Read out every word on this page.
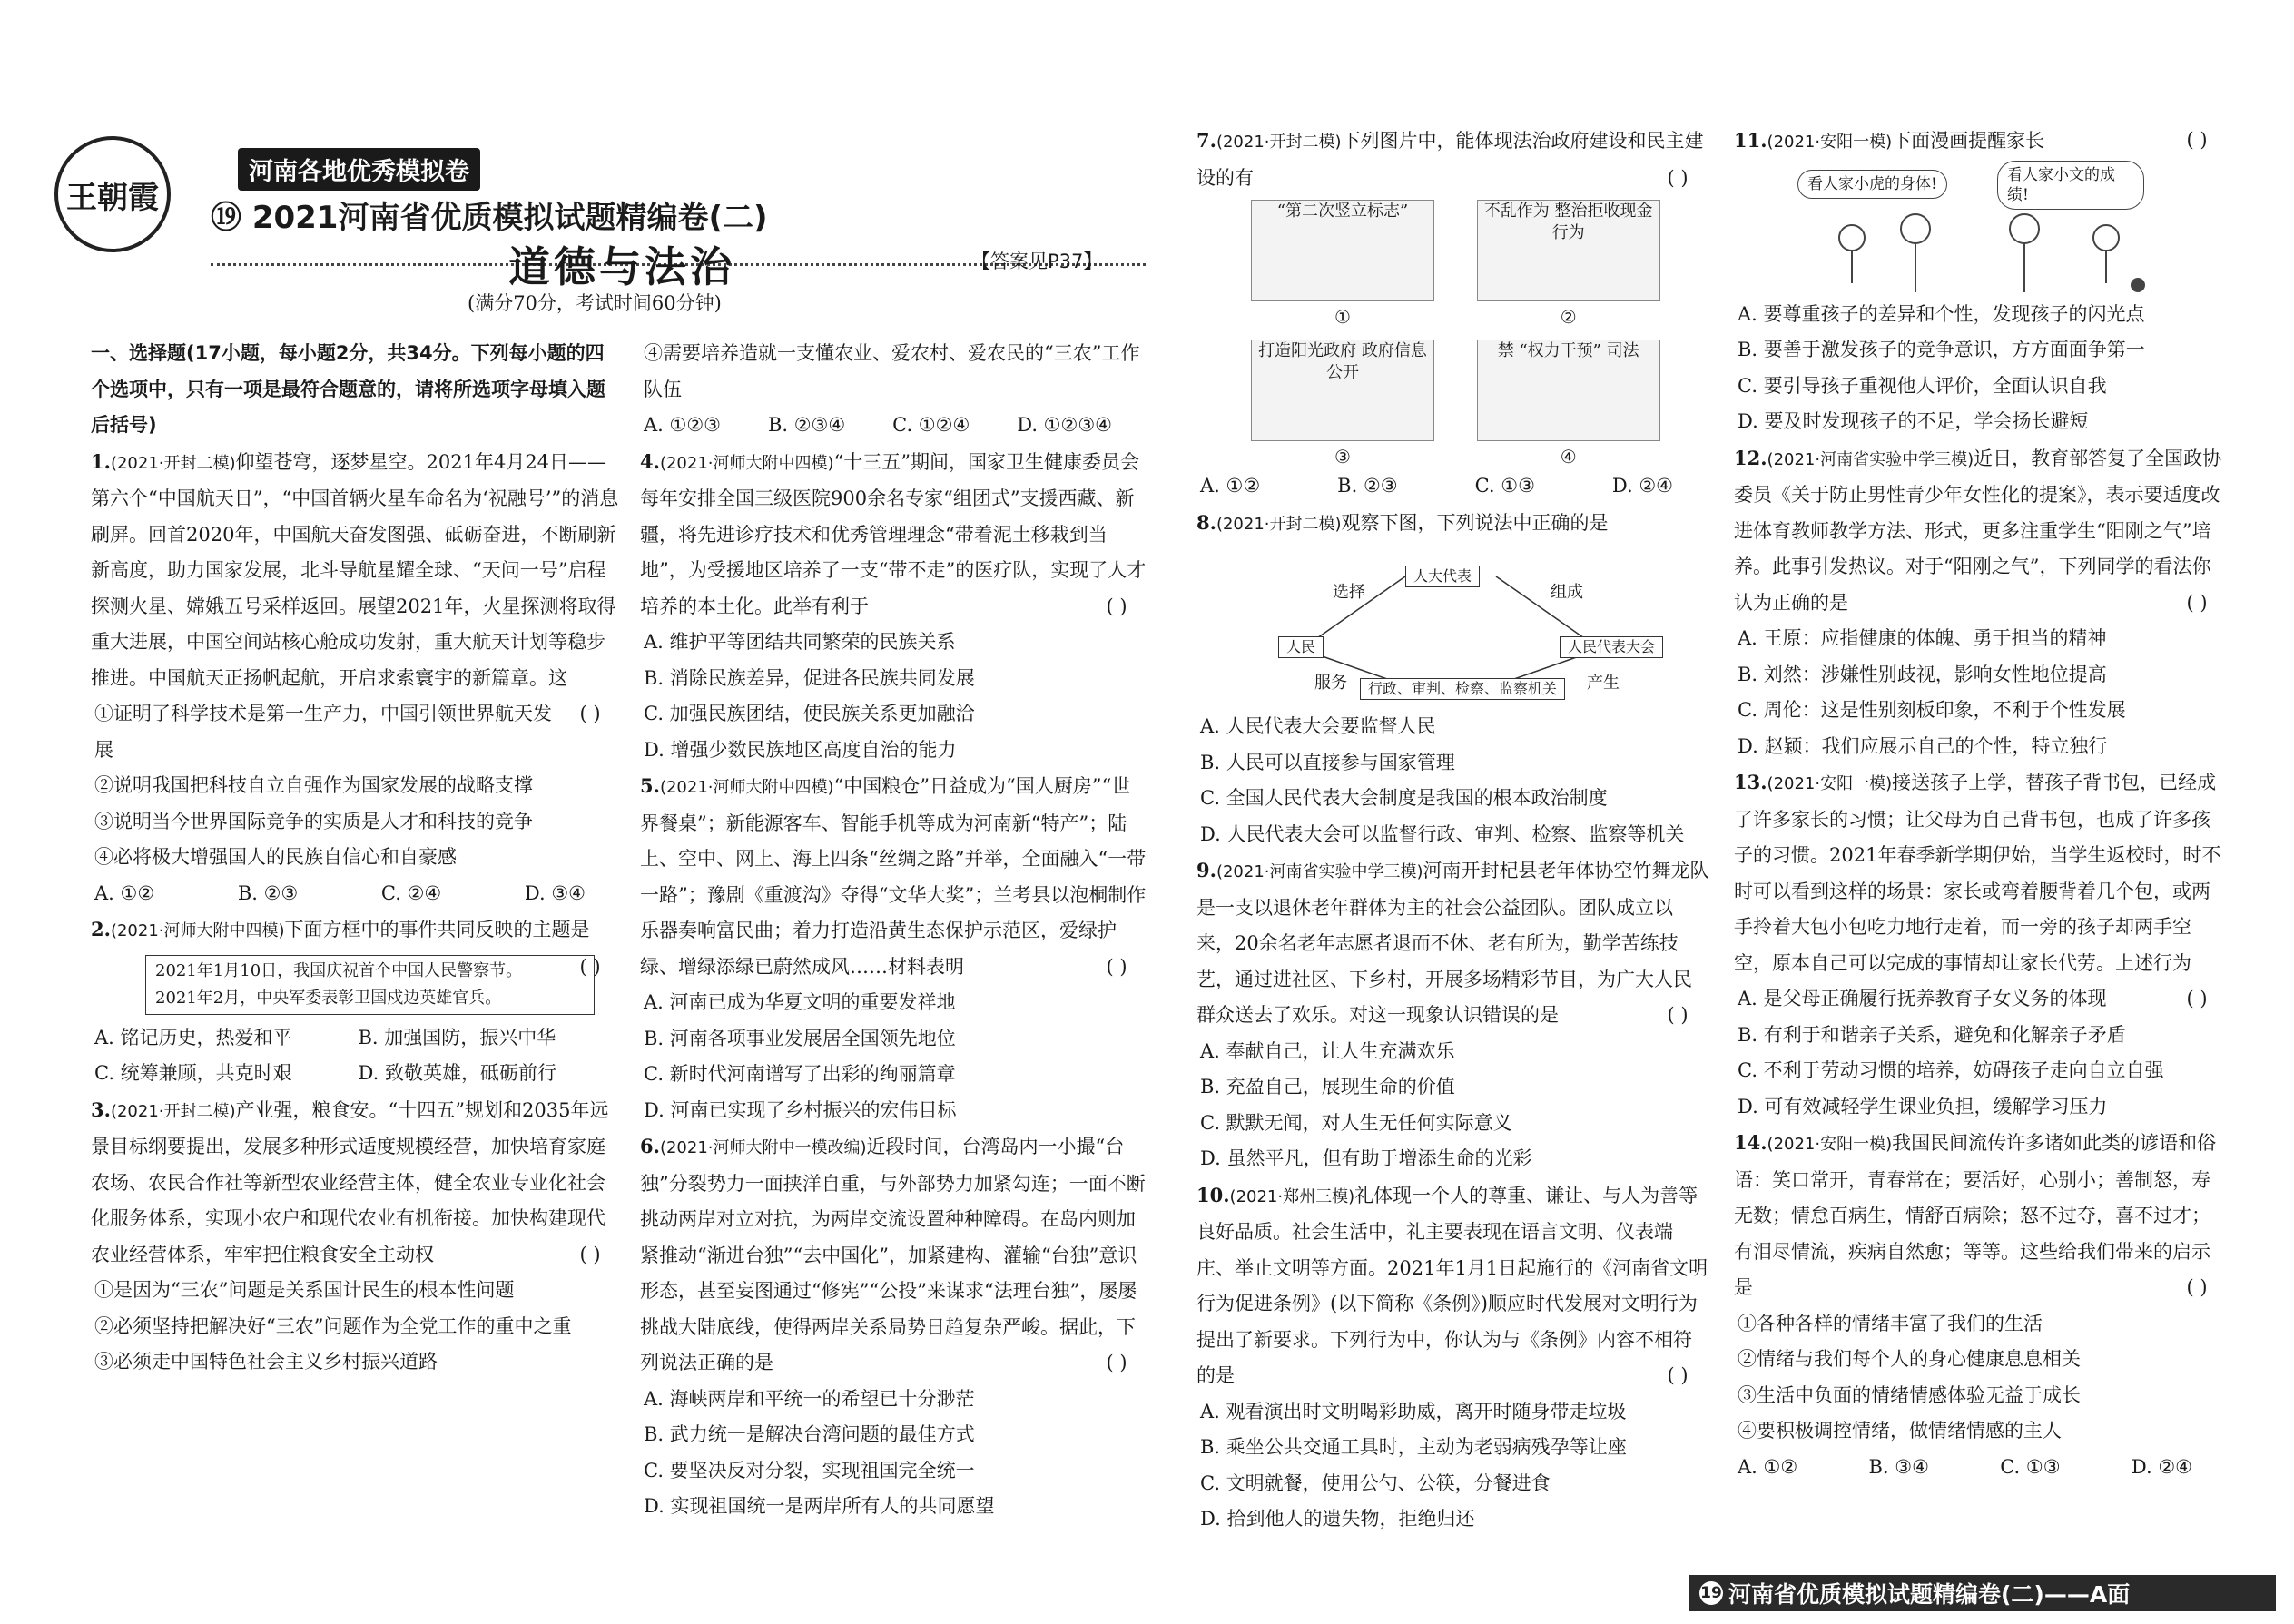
王朝霞
河南各地优秀模拟卷
⑲ 2021河南省优质模拟试题精编卷(二)
道德与法治	【答案见P37】
(满分70分，考试时间60分钟)

一、选择题(17小题，每小题2分，共34分。下列每小题的四个选项中，只有一项是最符合题意的，请将所选项字母填入题后括号)

1.(2021·开封二模)仰望苍穹，逐梦星空。2021年4月24日——第六个“中国航天日”，“中国首辆火星车命名为‘祝融号’”的消息刷屏。回首2020年，中国航天奋发图强、砥砺奋进，不断刷新新高度，助力国家发展，北斗导航星耀全球、“天问一号”启程探测火星、嫦娥五号采样返回。展望2021年，火星探测将取得重大进展，中国空间站核心舱成功发射，重大航天计划等稳步推进。中国航天正扬帆起航，开启求索寰宇的新篇章。这
( )

①证明了科学技术是第一生产力，中国引领世界航天发展

②说明我国把科技自立自强作为国家发展的战略支撑

③说明当今世界国际竞争的实质是人才和科技的竞争

④必将极大增强国人的民族自信心和自豪感

A. ①②	B. ②③	C. ②④	D. ③④

2.(2021·河师大附中四模)下面方框中的事件共同反映的主题是
( )

2021年1月10日，我国庆祝首个中国人民警察节。
2021年2月，中央军委表彰卫国戍边英雄官兵。
A. 铭记历史，热爱和平	B. 加强国防，振兴中华
C. 统筹兼顾，共克时艰	D. 致敬英雄，砥砺前行

3.(2021·开封二模)产业强，粮食安。“十四五”规划和2035年远景目标纲要提出，发展多种形式适度规模经营，加快培育家庭农场、农民合作社等新型农业经营主体，健全农业专业化社会化服务体系，实现小农户和现代农业有机衔接。加快构建现代农业经营体系，牢牢把住粮食安全主动权	( )

①是因为“三农”问题是关系国计民生的根本性问题

②必须坚持把解决好“三农”问题作为全党工作的重中之重

③必须走中国特色社会主义乡村振兴道路

④需要培养造就一支懂农业、爱农村、爱农民的“三农”工作队伍

A. ①②③ B. ②③④ C. ①②④ D. ①②③④

4.(2021·河师大附中四模)“十三五”期间，国家卫生健康委员会每年安排全国三级医院900余名专家“组团式”支援西藏、新疆，将先进诊疗技术和优秀管理理念“带着泥土移栽到当地”，为受援地区培养了一支“带不走”的医疗队，实现了人才培养的本土化。此举有利于	( )

A. 维护平等团结共同繁荣的民族关系

B. 消除民族差异，促进各民族共同发展

C. 加强民族团结，使民族关系更加融洽

D. 增强少数民族地区高度自治的能力

5.(2021·河师大附中四模)“中国粮仓”日益成为“国人厨房”“世界餐桌”；新能源客车、智能手机等成为河南新“特产”；陆上、空中、网上、海上四条“丝绸之路”并举，全面融入“一带一路”；豫剧《重渡沟》夺得“文华大奖”；兰考县以泡桐制作乐器奏响富民曲；着力打造沿黄生态保护示范区，爱绿护绿、增绿添绿已蔚然成风……材料表明	( )

A. 河南已成为华夏文明的重要发祥地

B. 河南各项事业发展居全国领先地位

C. 新时代河南谱写了出彩的绚丽篇章

D. 河南已实现了乡村振兴的宏伟目标

6.(2021·河师大附中一模改编)近段时间，台湾岛内一小撮“台独”分裂势力一面挟洋自重，与外部势力加紧勾连；一面不断挑动两岸对立对抗，为两岸交流设置种种障碍。在岛内则加紧推动“渐进台独”“去中国化”，加紧建构、灌输“台独”意识形态，甚至妄图通过“修宪”“公投”来谋求“法理台独”，屡屡挑战大陆底线，使得两岸关系局势日趋复杂严峻。据此，下列说法正确的是	( )

A. 海峡两岸和平统一的希望已十分渺茫

B. 武力统一是解决台湾问题的最佳方式

C. 要坚决反对分裂，实现祖国完全统一

D. 实现祖国统一是两岸所有人的共同愿望

7.(2021·开封二模)下列图片中，能体现法治政府建设和民主建设的有	( )

“第二次竖立标志”
①
不乱作为 整治拒收现金行为
②
打造阳光政府 政府信息公开
③
禁 “权力干预” 司法
④
A. ①②	B. ②③	C. ①③	D. ②④

8.(2021·开封二模)观察下图，下列说法中正确的是

人大代表
人民	人民代表大会
行政、审判、检察、监察机关
选择	组成
服务	产生

A. 人民代表大会要监督人民

B. 人民可以直接参与国家管理

C. 全国人民代表大会制度是我国的根本政治制度

D. 人民代表大会可以监督行政、审判、检察、监察等机关

9.(2021·河南省实验中学三模)河南开封杞县老年体协空竹舞龙队是一支以退休老年群体为主的社会公益团队。团队成立以来，20余名老年志愿者退而不休、老有所为，勤学苦练技艺，通过进社区、下乡村，开展多场精彩节目，为广大人民群众送去了欢乐。对这一现象认识错误的是	( )

A. 奉献自己，让人生充满欢乐

B. 充盈自己，展现生命的价值

C. 默默无闻，对人生无任何实际意义

D. 虽然平凡，但有助于增添生命的光彩

10.(2021·郑州三模)礼体现一个人的尊重、谦让、与人为善等良好品质。社会生活中，礼主要表现在语言文明、仪表端庄、举止文明等方面。2021年1月1日起施行的《河南省文明行为促进条例》(以下简称《条例》)顺应时代发展对文明行为提出了新要求。下列行为中，你认为与《条例》内容不相符的是	( )

A. 观看演出时文明喝彩助威，离开时随身带走垃圾

B. 乘坐公共交通工具时，主动为老弱病残孕等让座

C. 文明就餐，使用公勺、公筷，分餐进食

D. 拾到他人的遗失物，拒绝归还

11.(2021·安阳一模)下面漫画提醒家长	( )

看人家小虎的身体!	看人家小文的成绩!

A. 要尊重孩子的差异和个性，发现孩子的闪光点

B. 要善于激发孩子的竞争意识，方方面面争第一

C. 要引导孩子重视他人评价，全面认识自我

D. 要及时发现孩子的不足，学会扬长避短

12.(2021·河南省实验中学三模)近日，教育部答复了全国政协委员《关于防止男性青少年女性化的提案》，表示要适度改进体育教师教学方法、形式，更多注重学生“阳刚之气”培养。此事引发热议。对于“阳刚之气”，下列同学的看法你认为正确的是	( )

A. 王原：应指健康的体魄、勇于担当的精神

B. 刘然：涉嫌性别歧视，影响女性地位提高

C. 周伦：这是性别刻板印象，不利于个性发展

D. 赵颖：我们应展示自己的个性，特立独行

13.(2021·安阳一模)接送孩子上学，替孩子背书包，已经成了许多家长的习惯；让父母为自己背书包，也成了许多孩子的习惯。2021年春季新学期伊始，当学生返校时，时不时可以看到这样的场景：家长或弯着腰背着几个包，或两手拎着大包小包吃力地行走着，而一旁的孩子却两手空空，原本自己可以完成的事情却让家长代劳。上述行为
( )

A. 是父母正确履行抚养教育子女义务的体现

B. 有利于和谐亲子关系，避免和化解亲子矛盾

C. 不利于劳动习惯的培养，妨碍孩子走向自立自强

D. 可有效减轻学生课业负担，缓解学习压力

14.(2021·安阳一模)我国民间流传许多诸如此类的谚语和俗语：笑口常开，青春常在；要活好，心别小；善制怒，寿无数；情怠百病生，情舒百病除；怒不过夺，喜不过才；有泪尽情流，疾病自然愈；等等。这些给我们带来的启示是	( )

①各种各样的情绪丰富了我们的生活

②情绪与我们每个人的身心健康息息相关

③生活中负面的情绪情感体验无益于成长

④要积极调控情绪，做情绪情感的主人

A. ①②	B. ③④	C. ①③	D. ②④
19 河南省优质模拟试题精编卷(二)——A面
